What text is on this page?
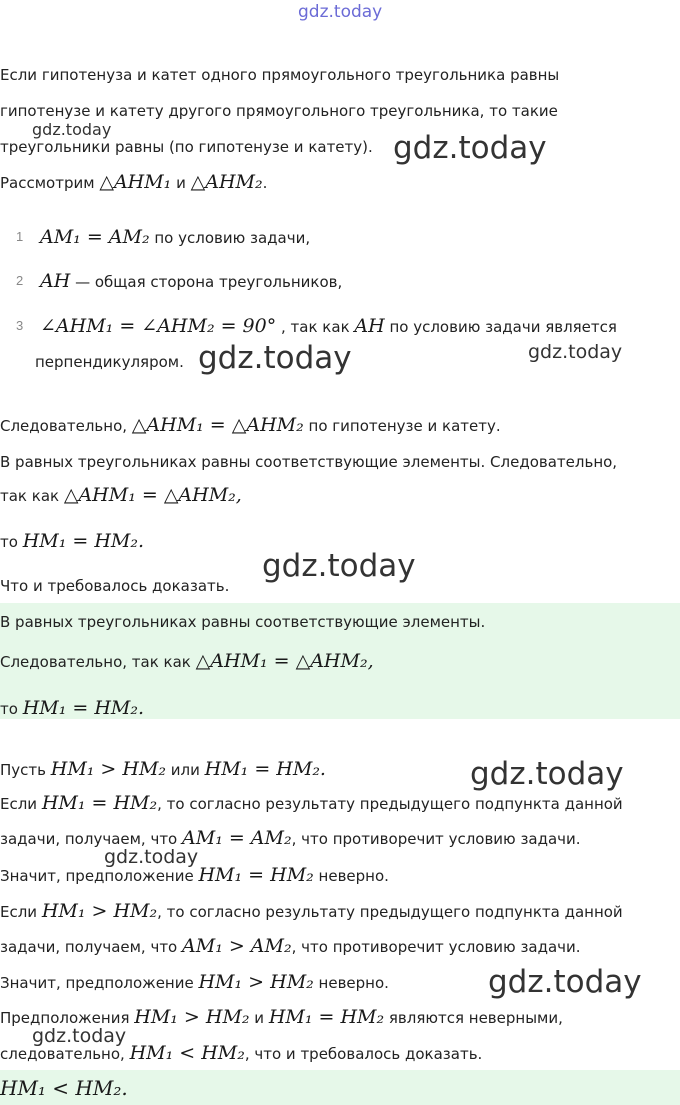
gdz.today
gdz.today
gdz.today
gdz.today	gdz.today
gdz.today
gdz.today
gdz.today
gdz.today
gdz.today
Если гипотенуза и катет одного прямоугольного треугольника равны
гипотенузе и катету другого прямоугольного треугольника, то такие
треугольники равны (по гипотенузе и катету).
Рассмотрим △AHM₁ и △AHM₂.
1 AM₁ = AM₂ по условию задачи,
2 AH — общая сторона треугольников,
3 ∠AHM₁ = ∠AHM₂ = 90° , так как AH по условию задачи является
перпендикуляром.
Следовательно, △AHM₁ = △AHM₂ по гипотенузе и катету.
В равных треугольниках равны соответствующие элементы. Следовательно,
так как △AHM₁ = △AHM₂,
то HM₁ = HM₂.
Что и требовалось доказать.
В равных треугольниках равны соответствующие элементы.
Следовательно, так как △AHM₁ = △AHM₂,
то HM₁ = HM₂.
Пусть HM₁ > HM₂ или HM₁ = HM₂.
Если HM₁ = HM₂, то согласно результату предыдущего подпункта данной
задачи, получаем, что AM₁ = AM₂, что противоречит условию задачи.
Значит, предположение HM₁ = HM₂ неверно.
Если HM₁ > HM₂, то согласно результату предыдущего подпункта данной
задачи, получаем, что AM₁ > AM₂, что противоречит условию задачи.
Значит, предположение HM₁ > HM₂ неверно.
Предположения HM₁ > HM₂ и HM₁ = HM₂ являются неверными,
следовательно, HM₁ < HM₂, что и требовалось доказать.
HM₁ < HM₂.
